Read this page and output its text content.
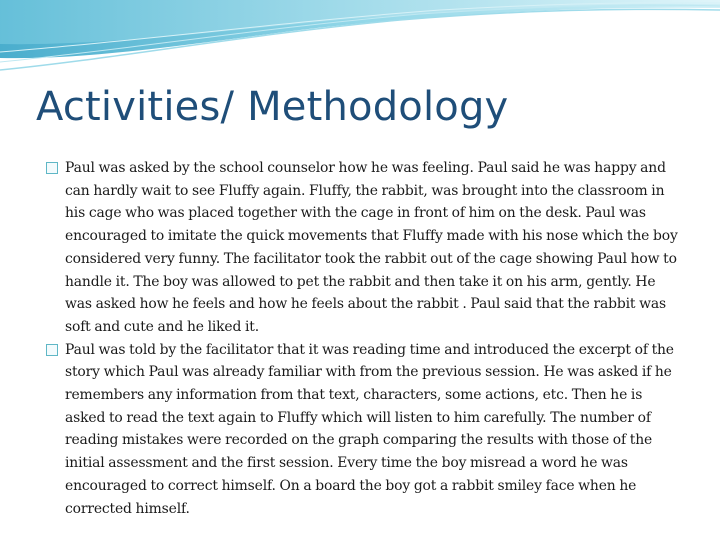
Activities/ Methodology
Paul was asked by the school counselor how he was feeling. Paul said he was happy and can hardly wait to see Fluffy again. Fluffy, the rabbit, was brought into the classroom in his cage who was placed together with the cage in front of him on the desk. Paul was encouraged to imitate the quick movements that Fluffy made with his nose which the boy considered very funny. The facilitator took the rabbit out of the cage showing Paul how to handle it. The boy was allowed to pet the rabbit and then take it on his arm, gently. He was asked how he feels and how he feels about the rabbit . Paul said that the rabbit was soft and cute and he liked it.
Paul was told by the facilitator that it was reading time and introduced the excerpt of the story which Paul was already familiar with from the previous session. He was asked if he remembers any information from that text, characters, some actions, etc. Then he is asked to read the text again to Fluffy which will listen to him carefully. The number of reading mistakes were recorded on the graph comparing the results with those of the initial assessment and the first session. Every time the boy misread a word he was encouraged to correct himself. On a board the boy got a rabbit smiley face when he corrected himself.
